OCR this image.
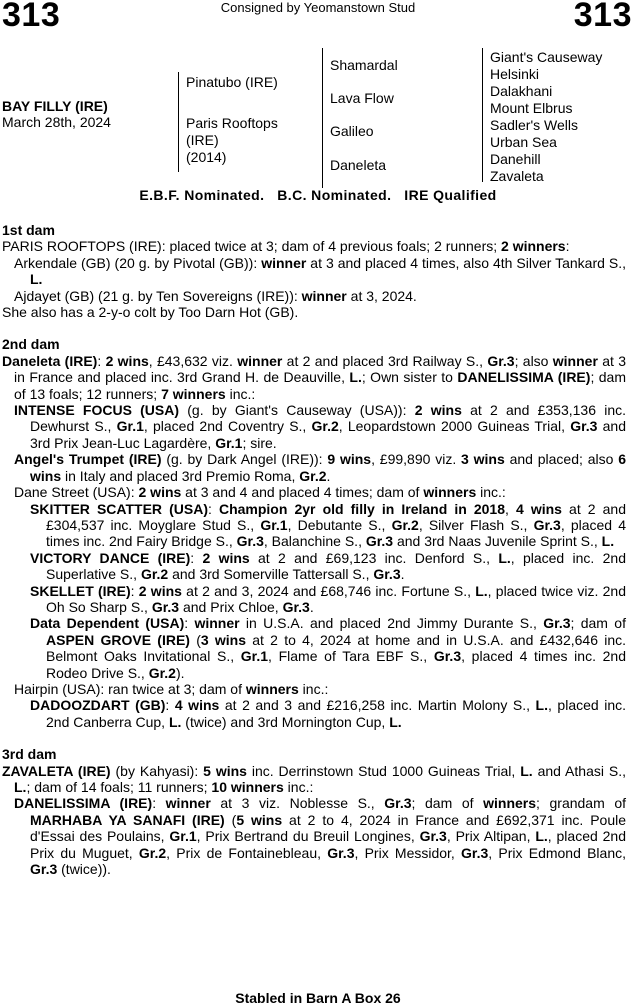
313	Consigned by Yeomanstown Stud	313
BAY FILLY (IRE)
March 28th, 2024
Pinatubo (IRE)
Paris Rooftops
(IRE)
(2014)
Shamardal
Lava Flow
Galileo
Daneleta
Giant's Causeway
Helsinki
Dalakhani
Mount Elbrus
Sadler's Wells
Urban Sea
Danehill
Zavaleta
E.B.F. Nominated.   B.C. Nominated.   IRE Qualified
1st dam

PARIS ROOFTOPS (IRE): placed twice at 3; dam of 4 previous foals; 2 runners; 2 winners:

Arkendale (GB) (20 g. by Pivotal (GB)): winner at 3 and placed 4 times, also 4th Silver Tankard S., L.

Ajdayet (GB) (21 g. by Ten Sovereigns (IRE)): winner at 3, 2024.

She also has a 2-y-o colt by Too Darn Hot (GB).

2nd dam

Daneleta (IRE): 2 wins, £43,632 viz. winner at 2 and placed 3rd Railway S., Gr.3; also winner at 3 in France and placed inc. 3rd Grand H. de Deauville, L.; Own sister to DANELISSIMA (IRE); dam of 13 foals; 12 runners; 7 winners inc.:

INTENSE FOCUS (USA) (g. by Giant's Causeway (USA)): 2 wins at 2 and £353,136 inc. Dewhurst S., Gr.1, placed 2nd Coventry S., Gr.2, Leopardstown 2000 Guineas Trial, Gr.3 and 3rd Prix Jean-Luc Lagardère, Gr.1; sire.

Angel's Trumpet (IRE) (g. by Dark Angel (IRE)): 9 wins, £99,890 viz. 3 wins and placed; also 6 wins in Italy and placed 3rd Premio Roma, Gr.2.

Dane Street (USA): 2 wins at 3 and 4 and placed 4 times; dam of winners inc.:

SKITTER SCATTER (USA): Champion 2yr old filly in Ireland in 2018, 4 wins at 2 and £304,537 inc. Moyglare Stud S., Gr.1, Debutante S., Gr.2, Silver Flash S., Gr.3, placed 4 times inc. 2nd Fairy Bridge S., Gr.3, Balanchine S., Gr.3 and 3rd Naas Juvenile Sprint S., L.

VICTORY DANCE (IRE): 2 wins at 2 and £69,123 inc. Denford S., L., placed inc. 2nd Superlative S., Gr.2 and 3rd Somerville Tattersall S., Gr.3.

SKELLET (IRE): 2 wins at 2 and 3, 2024 and £68,746 inc. Fortune S., L., placed twice viz. 2nd Oh So Sharp S., Gr.3 and Prix Chloe, Gr.3.

Data Dependent (USA): winner in U.S.A. and placed 2nd Jimmy Durante S., Gr.3; dam of ASPEN GROVE (IRE) (3 wins at 2 to 4, 2024 at home and in U.S.A. and £432,646 inc. Belmont Oaks Invitational S., Gr.1, Flame of Tara EBF S., Gr.3, placed 4 times inc. 2nd Rodeo Drive S., Gr.2).

Hairpin (USA): ran twice at 3; dam of winners inc.:

DADOOZDART (GB): 4 wins at 2 and 3 and £216,258 inc. Martin Molony S., L., placed inc. 2nd Canberra Cup, L. (twice) and 3rd Mornington Cup, L.

3rd dam

ZAVALETA (IRE) (by Kahyasi): 5 wins inc. Derrinstown Stud 1000 Guineas Trial, L. and Athasi S., L.; dam of 14 foals; 11 runners; 10 winners inc.:

DANELISSIMA (IRE): winner at 3 viz. Noblesse S., Gr.3; dam of winners; grandam of MARHABA YA SANAFI (IRE) (5 wins at 2 to 4, 2024 in France and £692,371 inc. Poule d'Essai des Poulains, Gr.1, Prix Bertrand du Breuil Longines, Gr.3, Prix Altipan, L., placed 2nd Prix du Muguet, Gr.2, Prix de Fontainebleau, Gr.3, Prix Messidor, Gr.3, Prix Edmond Blanc, Gr.3 (twice)).

Stabled in Barn A Box 26
